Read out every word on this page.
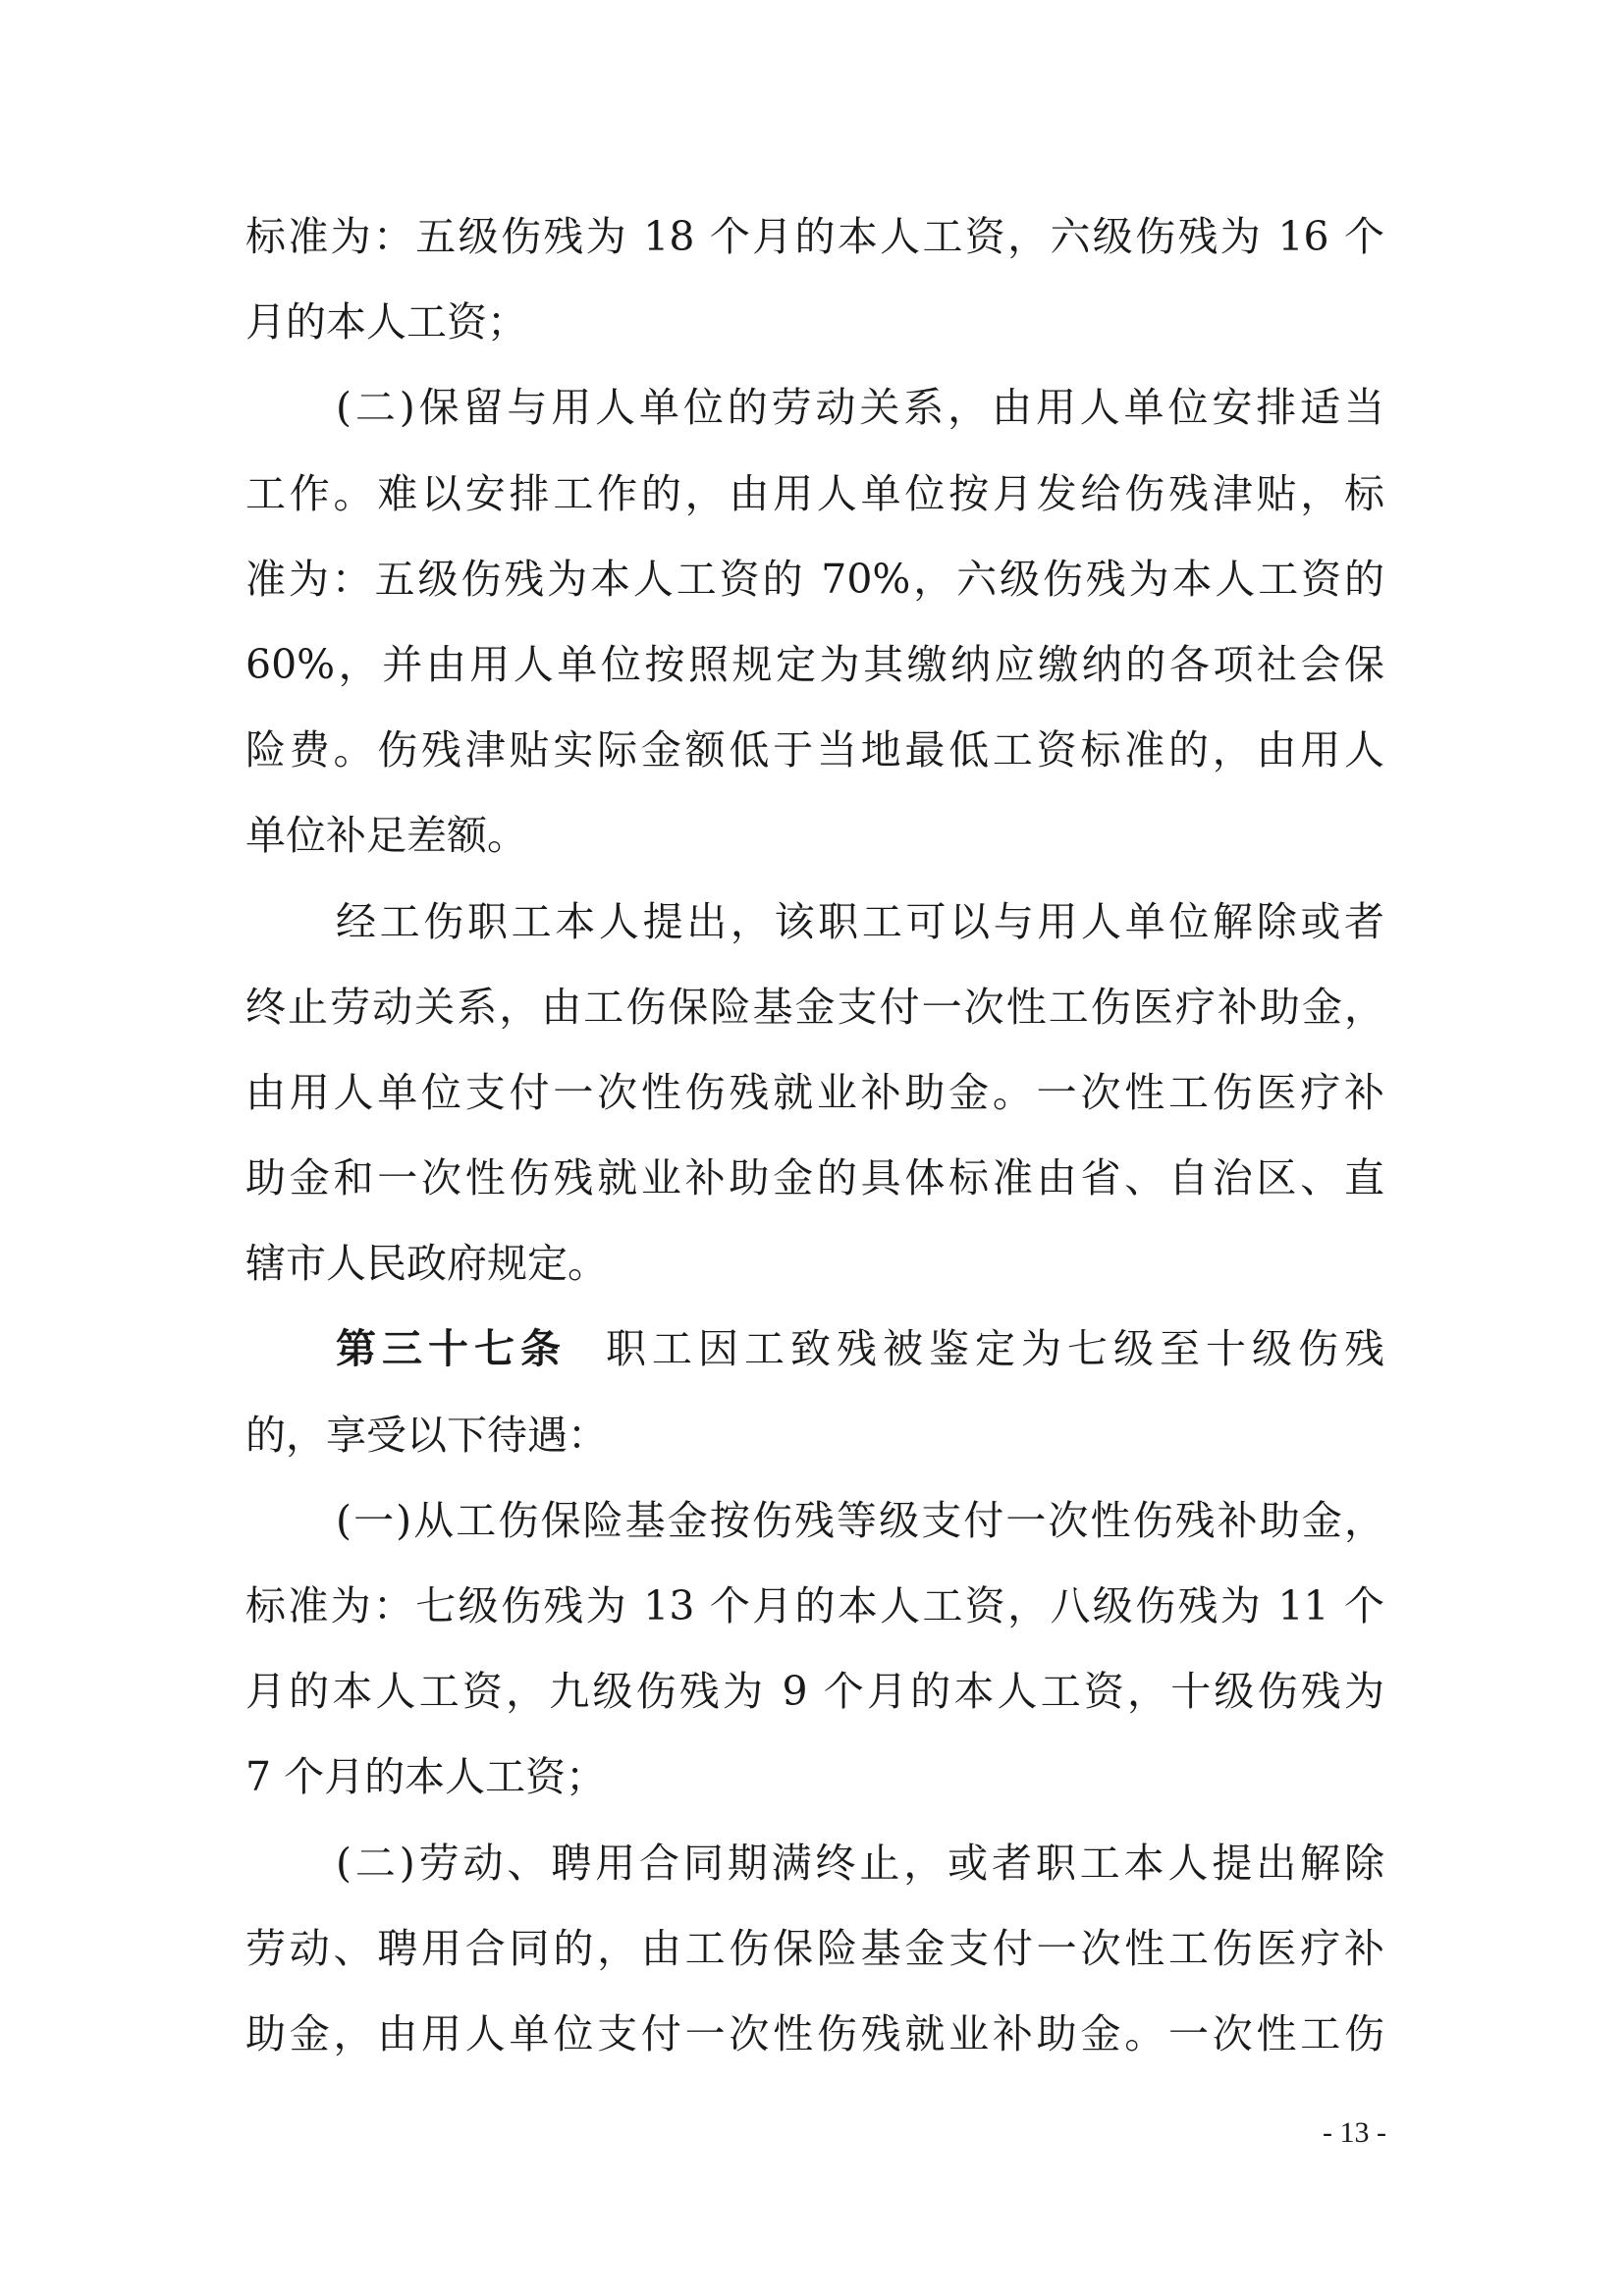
标准为：五级伤残为 18 个月的本人工资，六级伤残为 16 个
月的本人工资；
(二)保留与用人单位的劳动关系，由用人单位安排适当
工作。难以安排工作的，由用人单位按月发给伤残津贴，标
准为：五级伤残为本人工资的 70%，六级伤残为本人工资的
60%，并由用人单位按照规定为其缴纳应缴纳的各项社会保
险费。伤残津贴实际金额低于当地最低工资标准的，由用人
单位补足差额。
经工伤职工本人提出，该职工可以与用人单位解除或者
终止劳动关系，由工伤保险基金支付一次性工伤医疗补助金，
由用人单位支付一次性伤残就业补助金。一次性工伤医疗补
助金和一次性伤残就业补助金的具体标准由省、自治区、直
辖市人民政府规定。
第三十七条 职工因工致残被鉴定为七级至十级伤残
的，享受以下待遇：
(一)从工伤保险基金按伤残等级支付一次性伤残补助金，
标准为：七级伤残为 13 个月的本人工资，八级伤残为 11 个
月的本人工资，九级伤残为 9 个月的本人工资，十级伤残为
7 个月的本人工资；
(二)劳动、聘用合同期满终止，或者职工本人提出解除
劳动、聘用合同的，由工伤保险基金支付一次性工伤医疗补
助金，由用人单位支付一次性伤残就业补助金。一次性工伤
- 13 -
